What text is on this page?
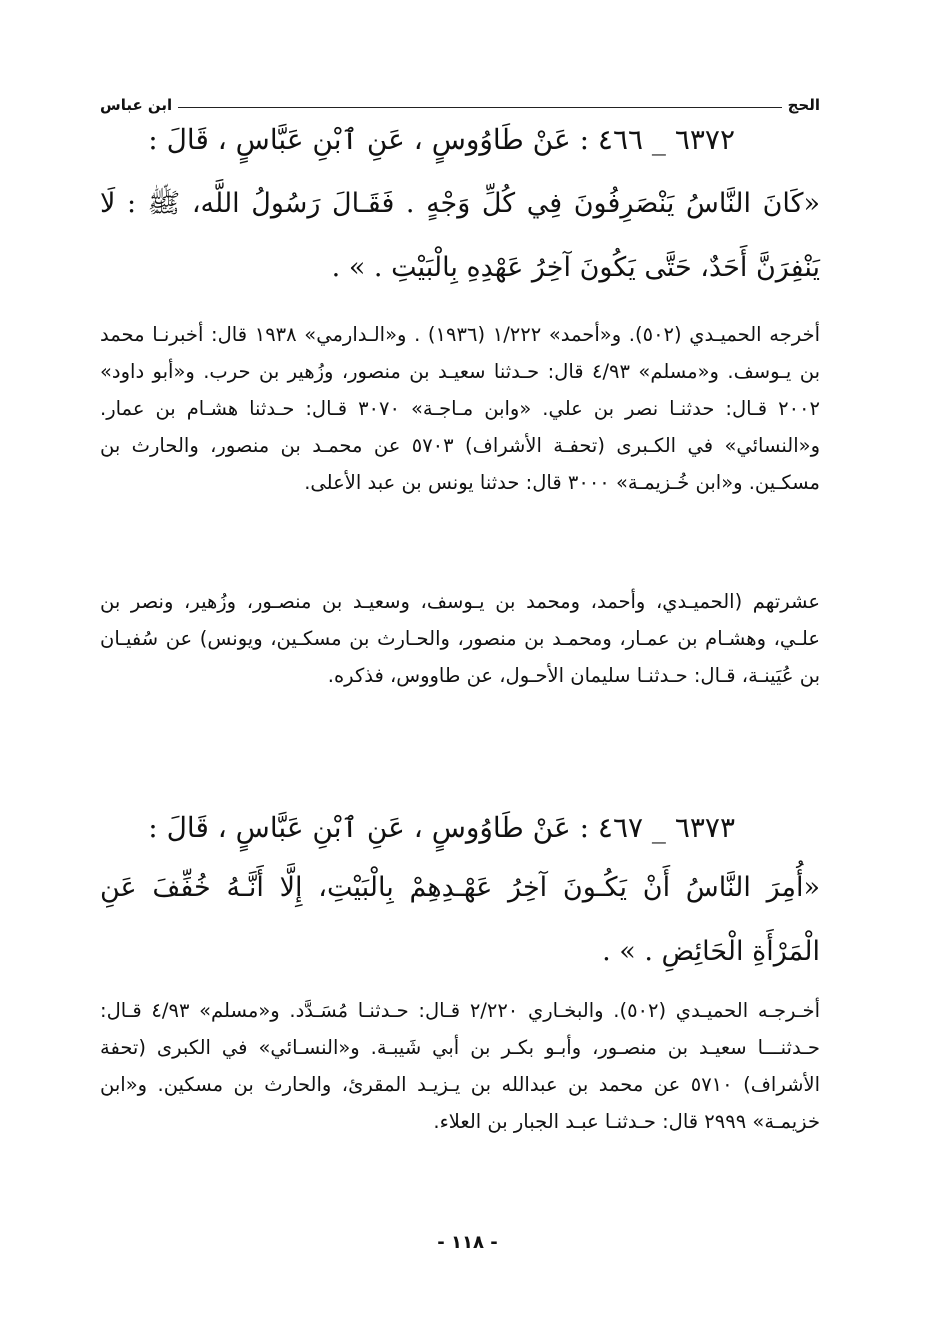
الحج
ابن عباس
٦٣٧٢ _ ٤٦٦ : عَنْ طَاوُوسٍ ، عَنِ ٱبْنِ عَبَّاسٍ ، قَالَ :
«كَانَ النَّاسُ يَنْصَرِفُونَ فِي كُلِّ وَجْهٍ . فَقَـالَ رَسُولُ اللَّه، ﷺ : لَا يَنْفِرَنَّ أَحَدٌ، حَتَّى يَكُونَ آخِرُ عَهْدِهِ بِالْبَيْتِ . » .
أخرجه الحميـدي (٥٠٢). و«أحمد» ١/٢٢٢ (١٩٣٦) . و«الـدارمي» ١٩٣٨ قال: أخبرنـا محمد بن يـوسف. و«مسلم» ٤/٩٣ قال: حـدثنا سعيـد بن منصور، وزُهير بن حرب. و«أبو داود» ٢٠٠٢ قـال: حدثنـا نصر بن علي. «وابن مـاجـة» ٣٠٧٠ قـال: حـدثنا هشـام بن عمار. و«النسائي» في الكـبرى (تحفـة الأشراف) ٥٧٠٣ عن محمـد بن منصور، والحارث بن مسكـين. و«ابن خُـزيمـة» ٣٠٠٠ قال: حدثنا يونس بن عبد الأعلى.
عشرتهم (الحميـدي، وأحمد، ومحمد بن يـوسف، وسعيـد بن منصـور، وزُهير، ونصر بن علـي، وهشـام بن عمـار، ومحمـد بن منصور، والحـارث بن مسكـين، ويونس) عن سُفيـان بن عُيَينـة، قـال: حـدثنـا سليمان الأحـول، عن طاووس، فذكره.
٦٣٧٣ _ ٤٦٧ : عَنْ طَاوُوسٍ ، عَنِ ٱبْنِ عَبَّاسٍ ، قَالَ :
«أُمِرَ النَّاسُ أَنْ يَكُـونَ آخِرُ عَهْـدِهِمْ بِالْبَيْتِ، إِلَّا أَنَّـهُ خُفِّفَ عَنِ الْمَرْأَةِ الْحَائِضِ . » .
أخـرجـه الحميـدي (٥٠٢). والبخـاري ٢/٢٢٠ قـال: حـدثنـا مُسَـدَّد. و«مسلم» ٤/٩٣ قـال: حـدثنـــا سعيـد بن منصـور، وأبـو بكـر بن أبي شَيبـة. و«النسـائي» في الكبرى (تحفة الأشراف) ٥٧١٠ عن محمد بن عبدالله بن يـزيـد المقرئ، والحارث بن مسكين. و«ابن خزيمـة» ٢٩٩٩ قال: حـدثنـا عبـد الجبار بن العلاء.
- ١١٨ -
